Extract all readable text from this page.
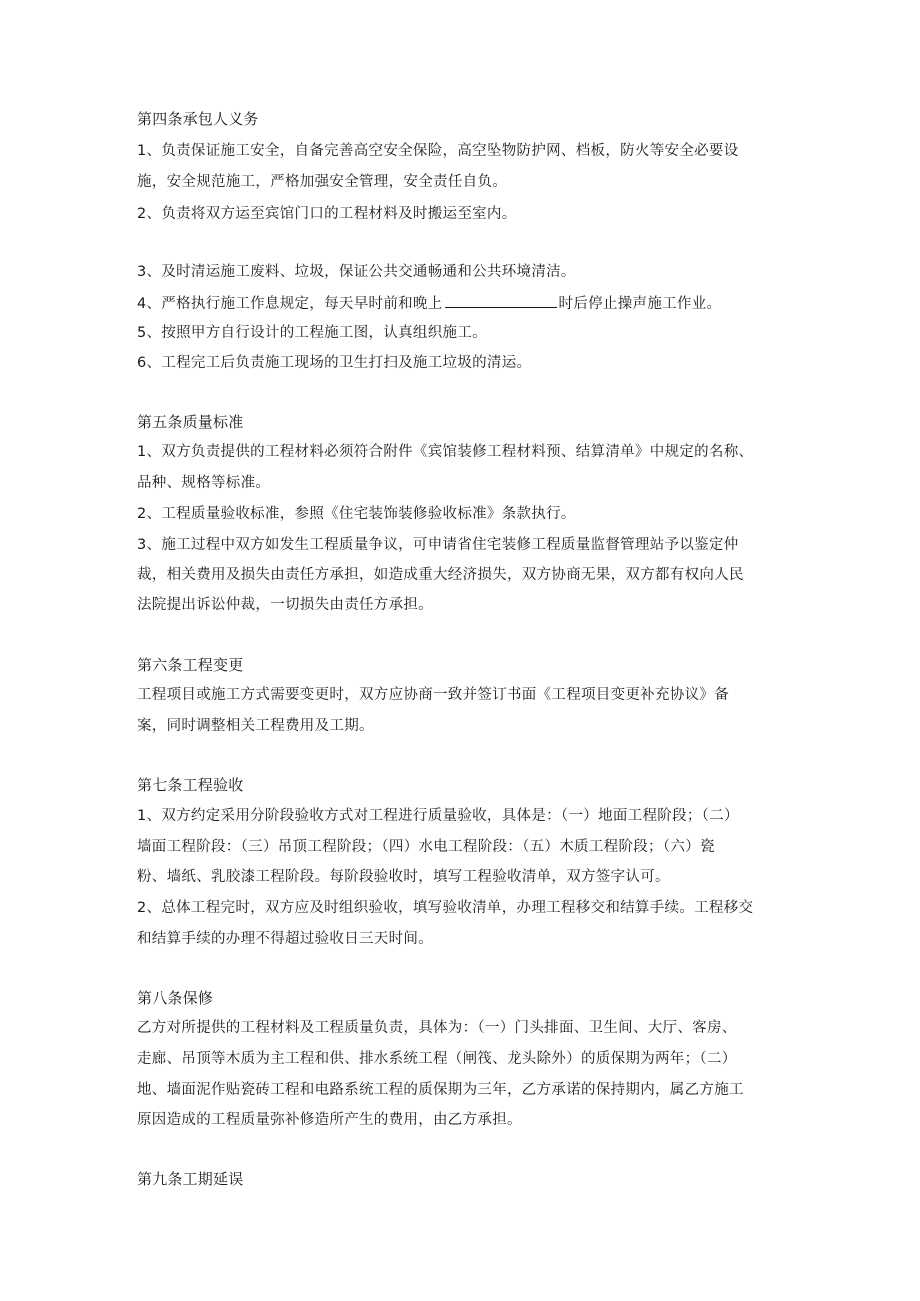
第四条承包人义务
1、负责保证施工安全，自备完善高空安全保险，高空坠物防护网、档板，防火等安全必要设
施，安全规范施工，严格加强安全管理，安全责任自负。
2、负责将双方运至宾馆门口的工程材料及时搬运至室内。
3、及时清运施工废料、垃圾，保证公共交通畅通和公共环境清洁。
4、严格执行施工作息规定，每天早时前和晚上	时后停止操声施工作业。
5、按照甲方自行设计的工程施工图，认真组织施工。
6、工程完工后负责施工现场的卫生打扫及施工垃圾的清运。
第五条质量标准
1、双方负责提供的工程材料必须符合附件《宾馆装修工程材料预、结算清单》中规定的名称、
品种、规格等标准。
2、工程质量验收标准，参照《住宅装饰装修验收标准》条款执行。
3、施工过程中双方如发生工程质量争议，可申请省住宅装修工程质量监督管理站予以鉴定仲
裁，相关费用及损失由责任方承担，如造成重大经济损失，双方协商无果，双方都有权向人民
法院提出诉讼仲裁，一切损失由责任方承担。
第六条工程变更
工程项目或施工方式需要变更时，双方应协商一致并签订书面《工程项目变更补充协议》备
案，同时调整相关工程费用及工期。
第七条工程验收
1、双方约定采用分阶段验收方式对工程进行质量验收，具体是：（一）地面工程阶段；（二）
墙面工程阶段：（三）吊顶工程阶段；（四）水电工程阶段：（五）木质工程阶段；（六）瓷
粉、墙纸、乳胶漆工程阶段。每阶段验收时，填写工程验收清单，双方签字认可。
2、总体工程完时，双方应及时组织验收，填写验收清单，办理工程移交和结算手续。工程移交
和结算手续的办理不得超过验收日三天时间。
第八条保修
乙方对所提供的工程材料及工程质量负责，具体为：（一）门头排面、卫生间、大厅、客房、
走廊、吊顶等木质为主工程和供、排水系统工程（闸筏、龙头除外）的质保期为两年；（二）
地、墙面泥作贴瓷砖工程和电路系统工程的质保期为三年，乙方承诺的保持期内，属乙方施工
原因造成的工程质量弥补修造所产生的费用，由乙方承担。
第九条工期延误
